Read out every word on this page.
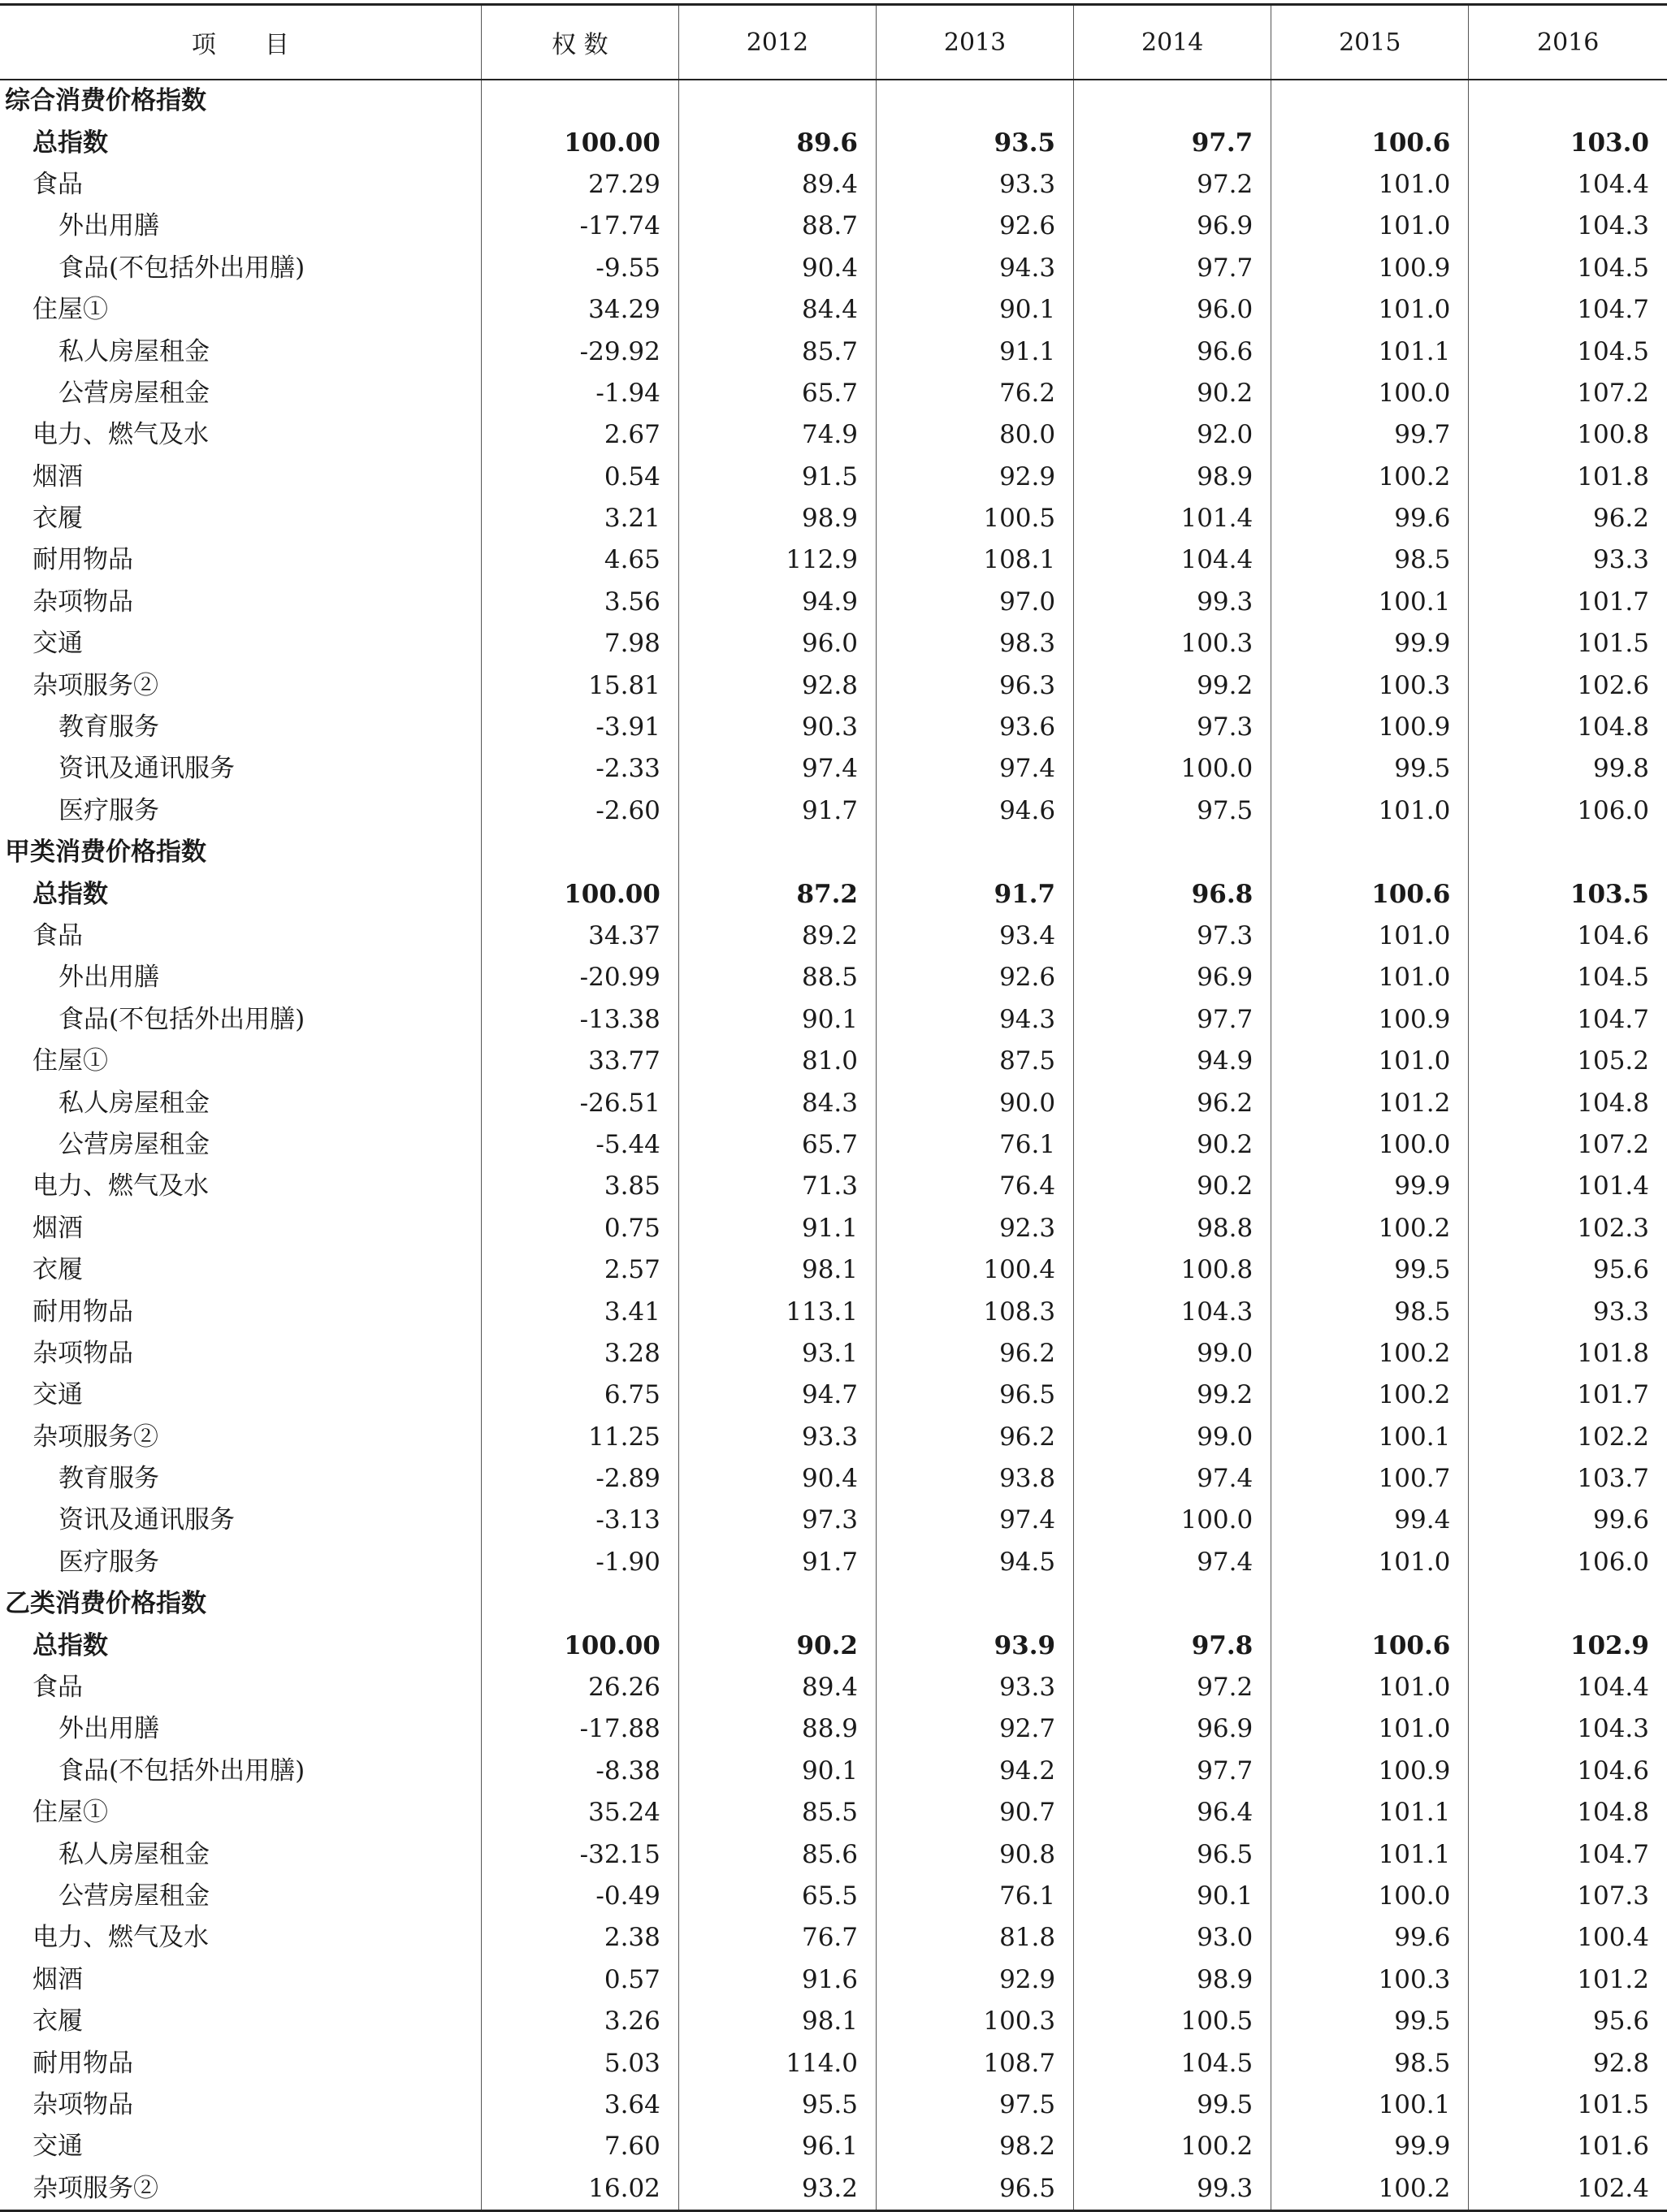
项　　目	权 数	2012	2013	2014	2015	2016
综合消费价格指数						
总指数	100.00	89.6	93.5	97.7	100.6	103.0
食品	27.29	89.4	93.3	97.2	101.0	104.4
外出用膳	-17.74	88.7	92.6	96.9	101.0	104.3
食品(不包括外出用膳)	-9.55	90.4	94.3	97.7	100.9	104.5
住屋①	34.29	84.4	90.1	96.0	101.0	104.7
私人房屋租金	-29.92	85.7	91.1	96.6	101.1	104.5
公营房屋租金	-1.94	65.7	76.2	90.2	100.0	107.2
电力、燃气及水	2.67	74.9	80.0	92.0	99.7	100.8
烟酒	0.54	91.5	92.9	98.9	100.2	101.8
衣履	3.21	98.9	100.5	101.4	99.6	96.2
耐用物品	4.65	112.9	108.1	104.4	98.5	93.3
杂项物品	3.56	94.9	97.0	99.3	100.1	101.7
交通	7.98	96.0	98.3	100.3	99.9	101.5
杂项服务②	15.81	92.8	96.3	99.2	100.3	102.6
教育服务	-3.91	90.3	93.6	97.3	100.9	104.8
资讯及通讯服务	-2.33	97.4	97.4	100.0	99.5	99.8
医疗服务	-2.60	91.7	94.6	97.5	101.0	106.0
甲类消费价格指数						
总指数	100.00	87.2	91.7	96.8	100.6	103.5
食品	34.37	89.2	93.4	97.3	101.0	104.6
外出用膳	-20.99	88.5	92.6	96.9	101.0	104.5
食品(不包括外出用膳)	-13.38	90.1	94.3	97.7	100.9	104.7
住屋①	33.77	81.0	87.5	94.9	101.0	105.2
私人房屋租金	-26.51	84.3	90.0	96.2	101.2	104.8
公营房屋租金	-5.44	65.7	76.1	90.2	100.0	107.2
电力、燃气及水	3.85	71.3	76.4	90.2	99.9	101.4
烟酒	0.75	91.1	92.3	98.8	100.2	102.3
衣履	2.57	98.1	100.4	100.8	99.5	95.6
耐用物品	3.41	113.1	108.3	104.3	98.5	93.3
杂项物品	3.28	93.1	96.2	99.0	100.2	101.8
交通	6.75	94.7	96.5	99.2	100.2	101.7
杂项服务②	11.25	93.3	96.2	99.0	100.1	102.2
教育服务	-2.89	90.4	93.8	97.4	100.7	103.7
资讯及通讯服务	-3.13	97.3	97.4	100.0	99.4	99.6
医疗服务	-1.90	91.7	94.5	97.4	101.0	106.0
乙类消费价格指数						
总指数	100.00	90.2	93.9	97.8	100.6	102.9
食品	26.26	89.4	93.3	97.2	101.0	104.4
外出用膳	-17.88	88.9	92.7	96.9	101.0	104.3
食品(不包括外出用膳)	-8.38	90.1	94.2	97.7	100.9	104.6
住屋①	35.24	85.5	90.7	96.4	101.1	104.8
私人房屋租金	-32.15	85.6	90.8	96.5	101.1	104.7
公营房屋租金	-0.49	65.5	76.1	90.1	100.0	107.3
电力、燃气及水	2.38	76.7	81.8	93.0	99.6	100.4
烟酒	0.57	91.6	92.9	98.9	100.3	101.2
衣履	3.26	98.1	100.3	100.5	99.5	95.6
耐用物品	5.03	114.0	108.7	104.5	98.5	92.8
杂项物品	3.64	95.5	97.5	99.5	100.1	101.5
交通	7.60	96.1	98.2	100.2	99.9	101.6
杂项服务②	16.02	93.2	96.5	99.3	100.2	102.4
